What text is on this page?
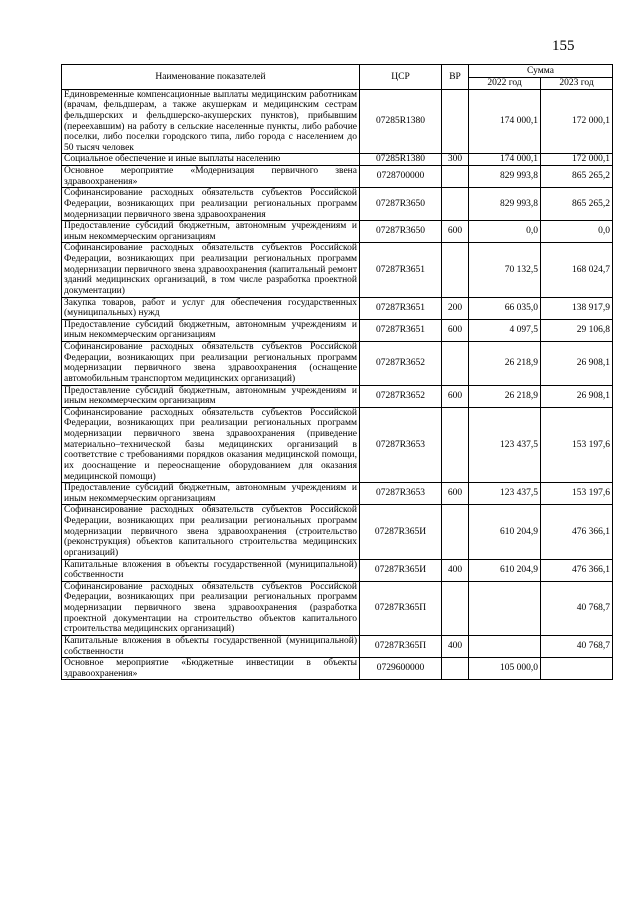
155
Наименование показателей	ЦСР	ВР	Сумма	
			2022 год	2023 год
Единовременные компенсационные выплаты медицинским работникам (врачам, фельдшерам, а также акушеркам и медицинским сестрам фельдшерских и фельдшерско-акушерских пунктов), прибывшим (переехавшим) на работу в сельские населенные пункты, либо рабочие поселки, либо поселки городского типа, либо города с населением до 50 тысяч человек	07285R1380		174 000,1	172 000,1
Социальное обеспечение и иные выплаты населению	07285R1380	300	174 000,1	172 000,1
Основное мероприятие «Модернизация первичного звена здравоохранения»	0728700000		829 993,8	865 265,2
Софинансирование расходных обязательств субъектов Российской Федерации, возникающих при реализации региональных программ модернизации первичного звена здравоохранения	07287R3650		829 993,8	865 265,2
Предоставление субсидий бюджетным, автономным учреждениям и иным некоммерческим организациям	07287R3650	600	0,0	0,0
Софинансирование расходных обязательств субъектов Российской Федерации, возникающих при реализации региональных программ модернизации первичного звена здравоохранения (капитальный ремонт зданий медицинских организаций, в том числе разработка проектной документации)	07287R3651		70 132,5	168 024,7
Закупка товаров, работ и услуг для обеспечения государственных (муниципальных) нужд	07287R3651	200	66 035,0	138 917,9
Предоставление субсидий бюджетным, автономным учреждениям и иным некоммерческим организациям	07287R3651	600	4 097,5	29 106,8
Софинансирование расходных обязательств субъектов Российской Федерации, возникающих при реализации региональных программ модернизации первичного звена здравоохранения (оснащение автомобильным транспортом медицинских организаций)	07287R3652		26 218,9	26 908,1
Предоставление субсидий бюджетным, автономным учреждениям и иным некоммерческим организациям	07287R3652	600	26 218,9	26 908,1
Софинансирование расходных обязательств субъектов Российской Федерации, возникающих при реализации региональных программ модернизации первичного звена здравоохранения (приведение материально–технической базы медицинских организаций в соответствие с требованиями порядков оказания медицинской помощи, их дооснащение и переоснащение оборудованием для оказания медицинской помощи)	07287R3653		123 437,5	153 197,6
Предоставление субсидий бюджетным, автономным учреждениям и иным некоммерческим организациям	07287R3653	600	123 437,5	153 197,6
Софинансирование расходных обязательств субъектов Российской Федерации, возникающих при реализации региональных программ модернизации первичного звена здравоохранения (строительство (реконструкция) объектов капитального строительства медицинских организаций)	07287R365И		610 204,9	476 366,1
Капитальные вложения в объекты государственной (муниципальной) собственности	07287R365И	400	610 204,9	476 366,1
Софинансирование расходных обязательств субъектов Российской Федерации, возникающих при реализации региональных программ модернизации первичного звена здравоохранения (разработка проектной документации на строительство объектов капитального строительства медицинских организаций)	07287R365П			40 768,7
Капитальные вложения в объекты государственной (муниципальной) собственности	07287R365П	400		40 768,7
Основное мероприятие «Бюджетные инвестиции в объекты здравоохранения»	0729600000		105 000,0	
